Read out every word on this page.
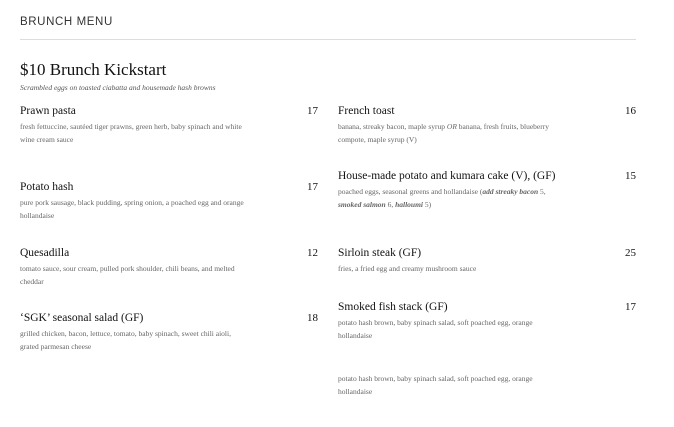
BRUNCH MENU
$10 Brunch Kickstart
Scrambled eggs on toasted ciabatta and housemade hash browns
Prawn pasta	17
fresh fettuccine, sautéed tiger prawns, green herb, baby spinach and white wine cream sauce
Potato hash	17
pure pork sausage, black pudding, spring onion, a poached egg and orange hollandaise
Quesadilla	12
tomato sauce, sour cream, pulled pork shoulder, chili beans, and melted cheddar
‘SGK’ seasonal salad (GF)	18
grilled chicken, bacon, lettuce, tomato, baby spinach, sweet chili aioli, grated parmesan cheese
French toast	16
banana, streaky bacon, maple syrup OR banana, fresh fruits, blueberry compote, maple syrup (V)
House-made potato and kumara cake (V), (GF)	15
poached eggs, seasonal greens and hollandaise (add streaky bacon 5, smoked salmon 6, halloumi 5)
Sirloin steak (GF)	25
fries, a fried egg and creamy mushroom sauce
Smoked fish stack (GF)	17
potato hash brown, baby spinach salad, soft poached egg, orange hollandaise
potato hash brown, baby spinach salad, soft poached egg, orange hollandaise
